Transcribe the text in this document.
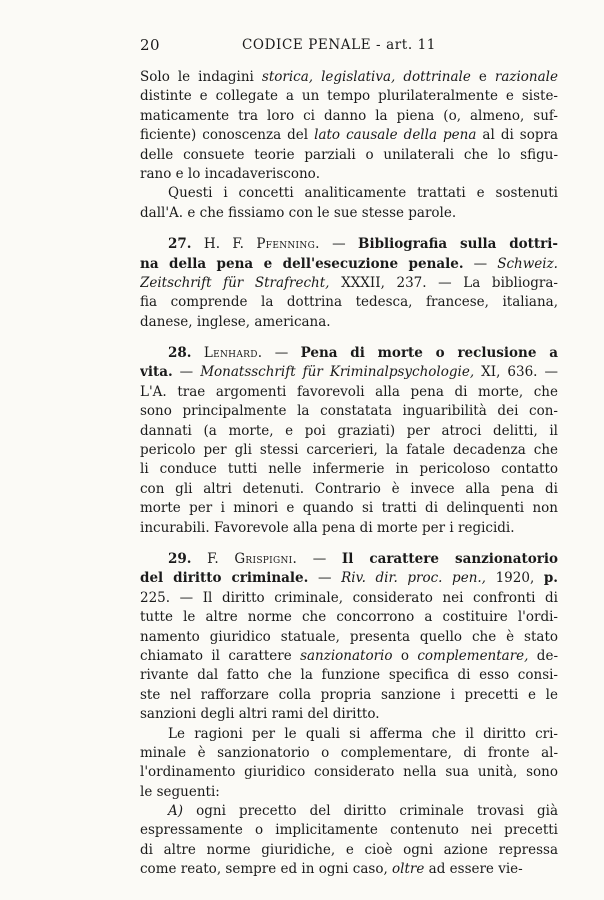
20	CODICE PENALE - art. 11
Solo le indagini storica, legislativa, dottrinale e razionale
distinte e collegate a un tempo plurilateralmente e siste-
maticamente tra loro ci danno la piena (o, almeno, suf-
ficiente) conoscenza del lato causale della pena al di sopra
delle consuete teorie parziali o unilaterali che lo sfigu-
rano e lo incadaverisconо.
Questi i concetti analiticamente trattati e sostenuti
dall'A. e che fissiamo con le sue stesse parole.
27. H. F. Pfenning. — Bibliografia sulla dottri-
na della pena e dell'esecuzione penale. — Schweiz.
Zeitschrift für Strafrecht, XXXII, 237. — La bibliogra-
fia comprende la dottrina tedesca, francese, italiana,
danese, inglese, americana.
28. Lenhard. — Pena di morte o reclusione a
vita. — Monatsschrift für Kriminalpsychologie, XI, 636. —
L'A. trae argomenti favorevoli alla pena di morte, che
sono principalmente la constatata inguaribilità dei con-
dannati (a morte, e poi graziati) per atroci delitti, il
pericolo per gli stessi carcerieri, la fatale decadenza che
li conduce tutti nelle infermerie in pericoloso contatto
con gli altri detenuti. Contrario è invece alla pena di
morte per i minori e quando si tratti di delinquenti non
incurabili. Favorevole alla pena di morte per i regicidi.
29. F. Grispigni. — Il carattere sanzionatorio
del diritto criminale. — Riv. dir. proc. pen., 1920, p.
225. — Il diritto criminale, considerato nei confronti di
tutte le altre norme che concorrono a costituire l'ordi-
namento giuridico statuale, presenta quello che è stato
chiamato il carattere sanzionatorio o complementare, de-
rivante dal fatto che la funzione specifica di esso consi-
ste nel rafforzare colla propria sanzione i precetti e le
sanzioni degli altri rami del diritto.
Le ragioni per le quali si afferma che il diritto cri-
minale è sanzionatorio o complementare, di fronte al-
l'ordinamento giuridico considerato nella sua unità, sono
le seguenti:
A) ogni precetto del diritto criminale trovasi già
espressamente o implicitamente contenuto nei precetti
di altre norme giuridiche, e cioè ogni azione repressa
come reato, sempre ed in ogni caso, oltre ad essere vie-
